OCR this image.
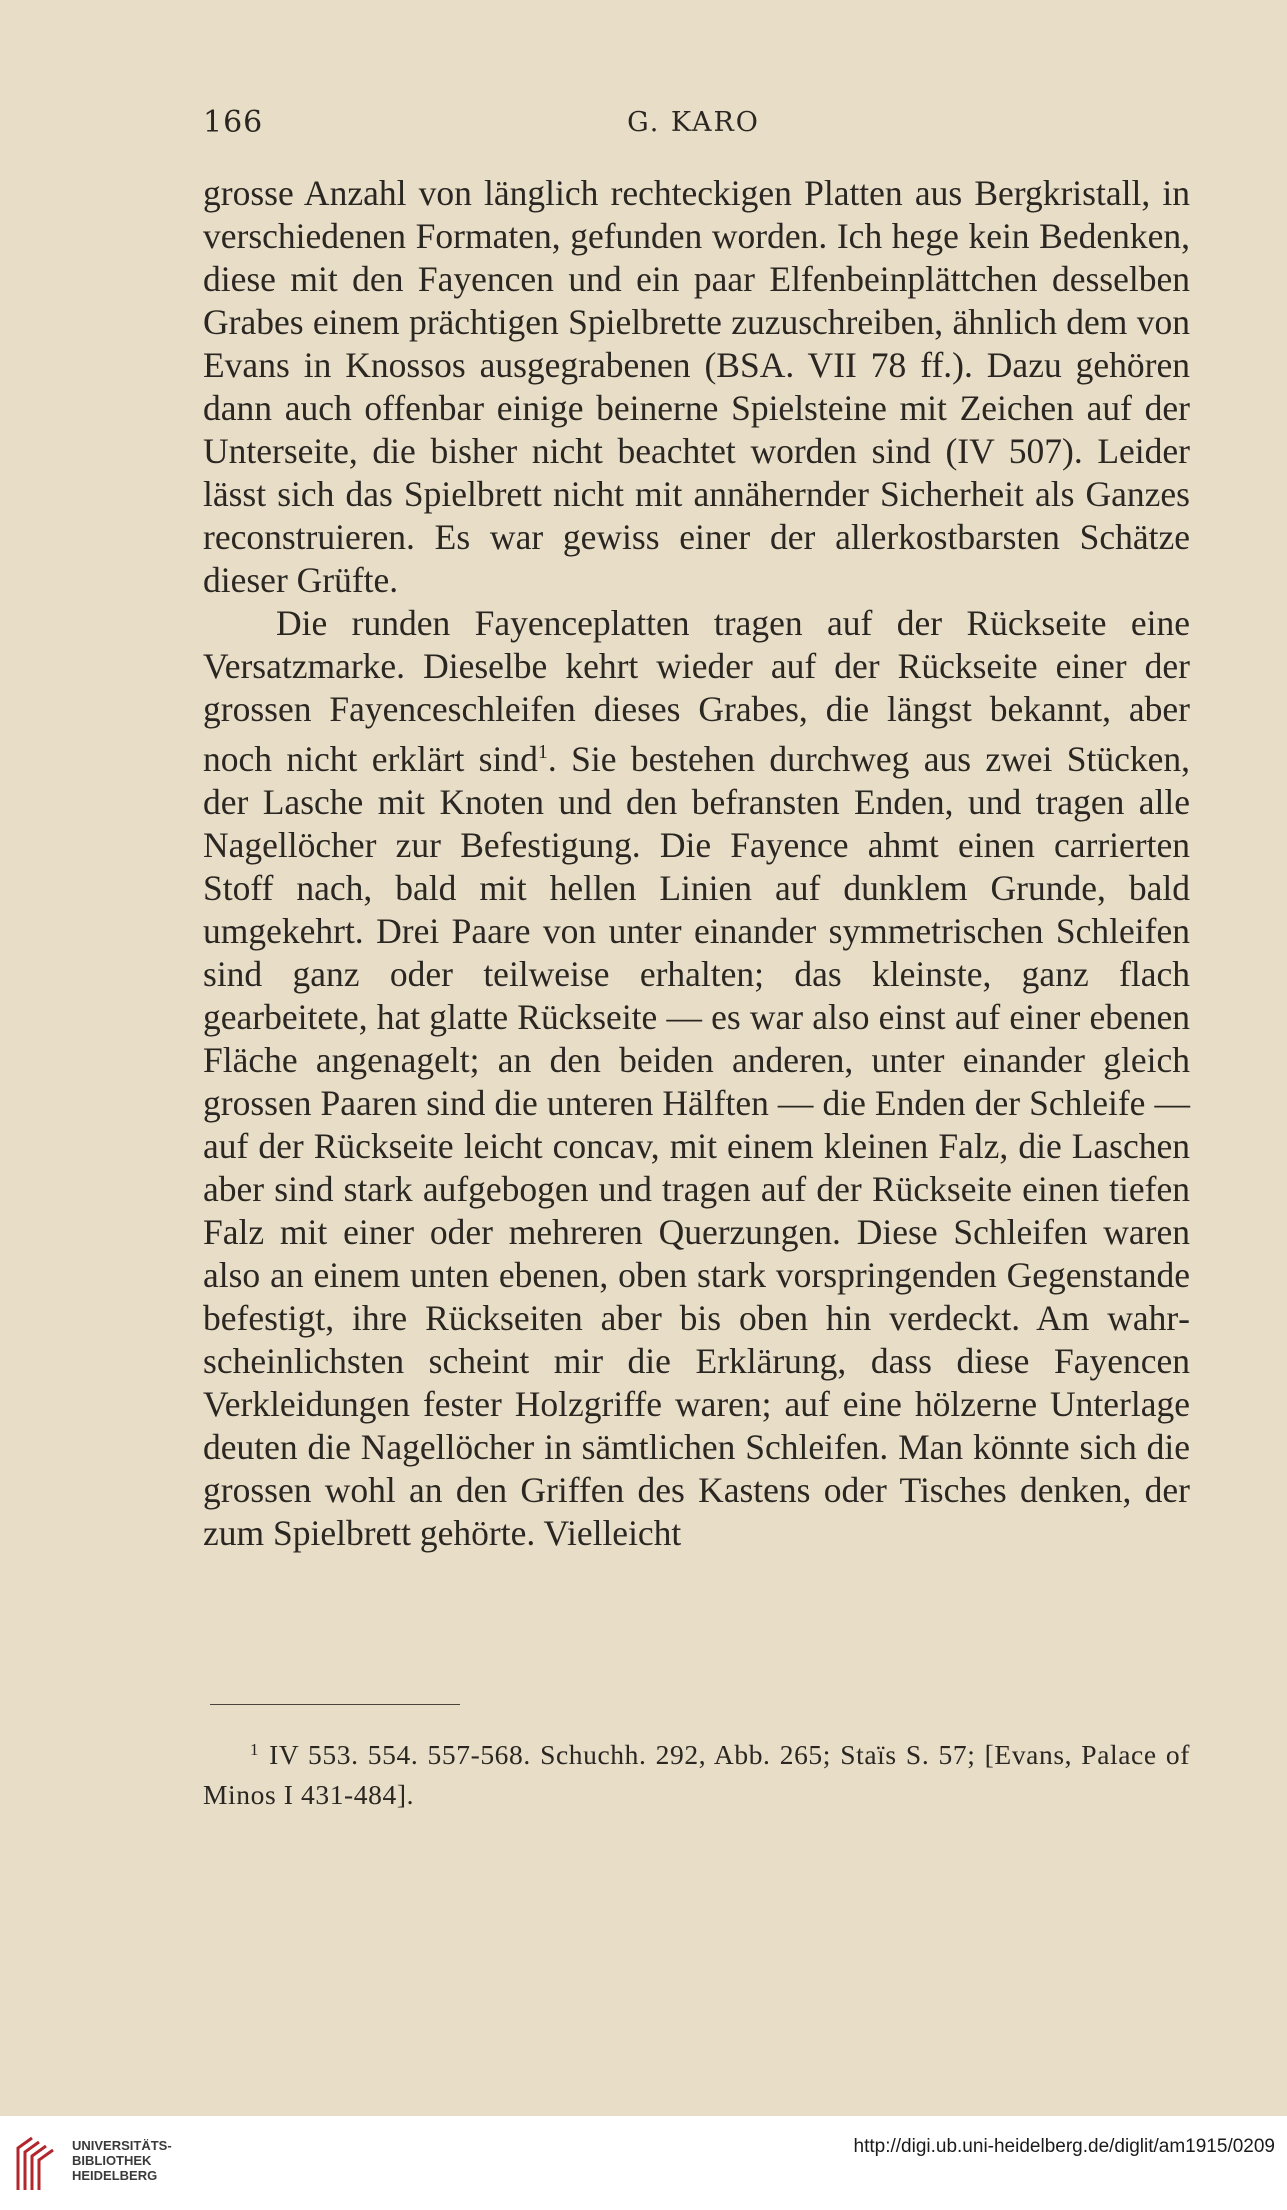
166	G. KARO

grosse Anzahl von länglich rechteckigen Platten aus Bergkristall, in verschiedenen Formaten, gefunden worden. Ich hege kein Bedenken, diese mit den Fayencen und ein paar Elfenbeinplättchen desselben Grabes einem prächtigen Spielbrette zuzuschreiben, ähnlich dem von Evans in Knossos ausgegrabenen (BSA. VII 78 ff.). Dazu gehören dann auch offenbar einige beinerne Spielsteine mit Zeichen auf der Unterseite, die bisher nicht beachtet worden sind (IV 507). Leider lässt sich das Spielbrett nicht mit annähernder Sicherheit als Ganzes reconstruieren. Es war gewiss einer der allerkostbarsten Schätze dieser Grüfte.

Die runden Fayenceplatten tragen auf der Rückseite eine Versatzmarke. Dieselbe kehrt wieder auf der Rückseite einer der grossen Fayenceschleifen dieses Grabes, die längst bekannt, aber noch nicht erklärt sind$^1$. Sie bestehen durchweg aus zwei Stücken, der Lasche mit Knoten und den befransten Enden, und tragen alle Nagellöcher zur Befestigung. Die Fayence ahmt einen carrierten Stoff nach, bald mit hellen Linien auf dunklem Grunde, bald umgekehrt. Drei Paare von unter einander symmetrischen Schleifen sind ganz oder teilweise erhalten; das kleinste, ganz flach gearbeitete, hat glatte Rückseite — es war also einst auf einer ebenen Fläche angenagelt; an den beiden anderen, unter einander gleich grossen Paaren sind die unteren Hälften — die Enden der Schleife — auf der Rückseite leicht concav, mit einem kleinen Falz, die Laschen aber sind stark aufgebogen und tragen auf der Rückseite einen tiefen Falz mit einer oder mehreren Querzungen. Diese Schleifen waren also an einem unten ebenen, oben stark vorspringenden Gegenstande befestigt, ihre Rückseiten aber bis oben hin verdeckt. Am wahrscheinlichsten scheint mir die Erklärung, dass diese Fayencen Verkleidungen fester Holzgriffe waren; auf eine hölzerne Unterlage deuten die Nagellöcher in sämtlichen Schleifen. Man könnte sich die grossen wohl an den Griffen des Kastens oder Tisches denken, der zum Spielbrett gehörte. Vielleicht

$^1$ IV 553. 554. 557-568. Schuchh. 292, Abb. 265; Staïs S. 57; [Evans, Palace of Minos I 431-484].
UNIVERSITÄTS-
BIBLIOTHEK
HEIDELBERG
http://digi.ub.uni-heidelberg.de/diglit/am1915/0209
